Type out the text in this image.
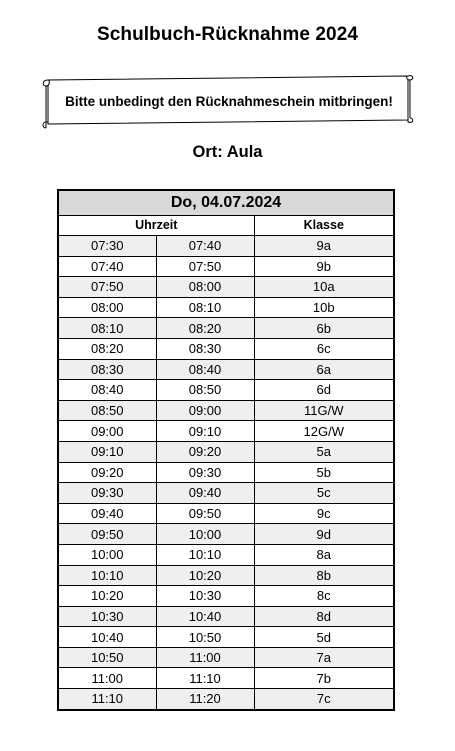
Schulbuch-Rücknahme 2024
Bitte unbedingt den Rücknahmeschein mitbringen!
Ort: Aula
Do, 04.07.2024		
Uhrzeit		Klasse
07:30	07:40	9a
07:40	07:50	9b
07:50	08:00	10a
08:00	08:10	10b
08:10	08:20	6b
08:20	08:30	6c
08:30	08:40	6a
08:40	08:50	6d
08:50	09:00	11G/W
09:00	09:10	12G/W
09:10	09:20	5a
09:20	09:30	5b
09:30	09:40	5c
09:40	09:50	9c
09:50	10:00	9d
10:00	10:10	8a
10:10	10:20	8b
10:20	10:30	8c
10:30	10:40	8d
10:40	10:50	5d
10:50	11:00	7a
11:00	11:10	7b
11:10	11:20	7c
